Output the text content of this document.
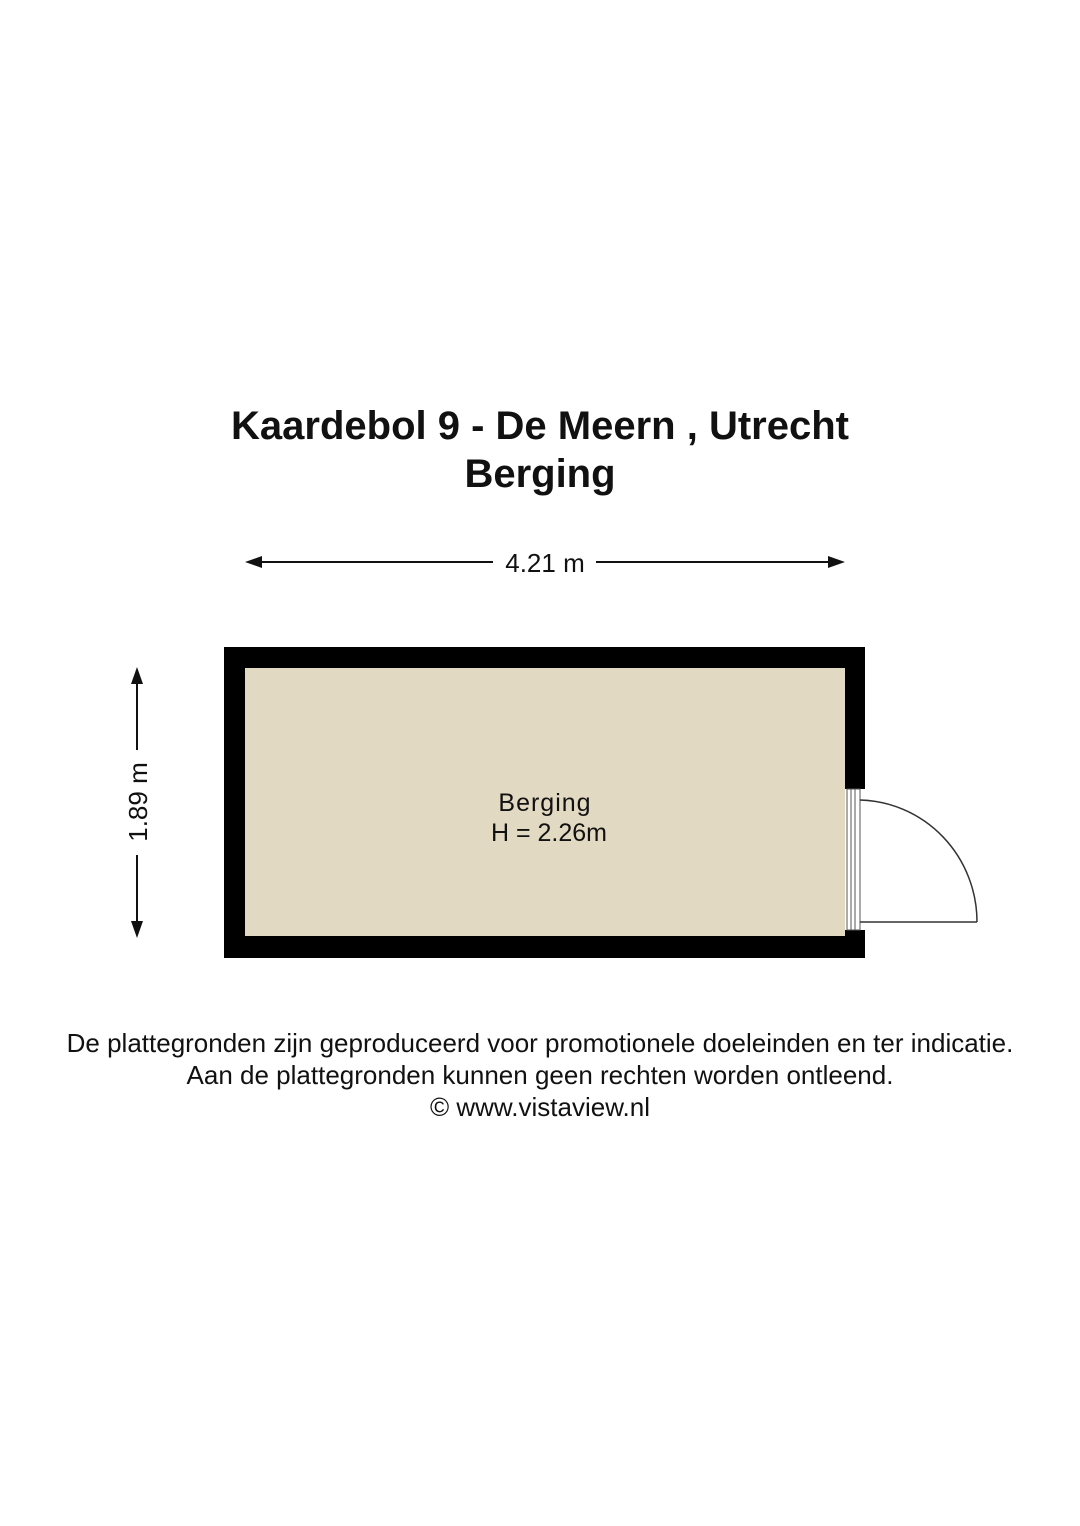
Kaardebol 9 - De Meern , Utrecht
Berging
4.21 m
1.89 m	Berging
H = 2.26m
De plattegronden zijn geproduceerd voor promotionele doeleinden en ter indicatie.
Aan de plattegronden kunnen geen rechten worden ontleend.
© www.vistaview.nl
